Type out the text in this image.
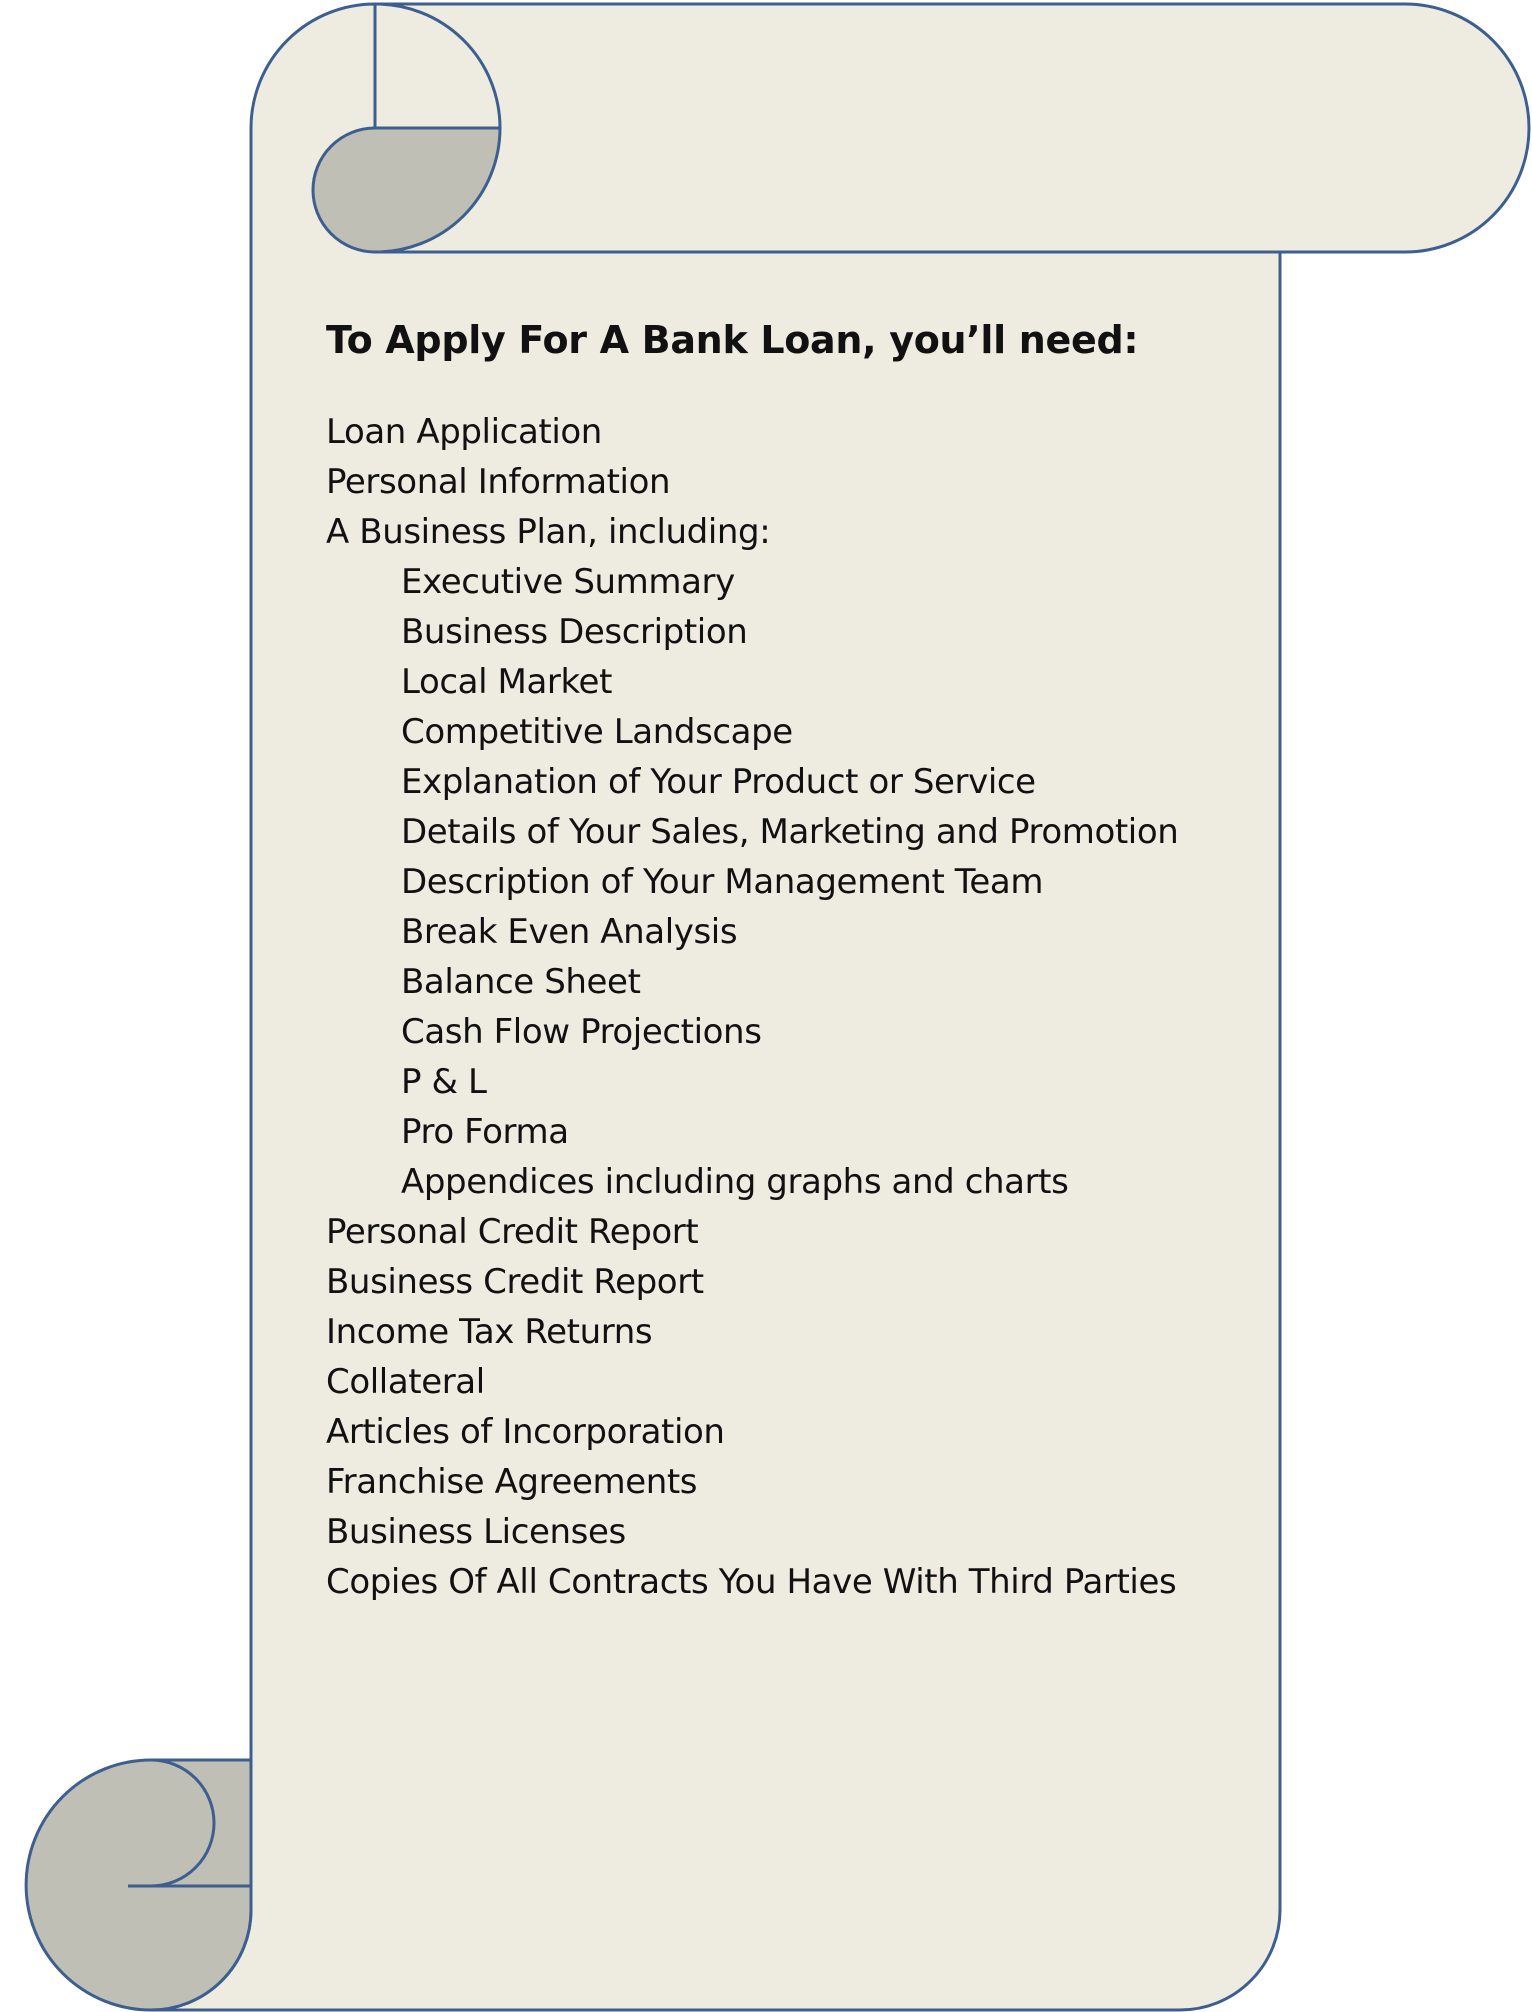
To Apply For A Bank Loan, you’ll need:
Loan Application
Personal Information
A Business Plan, including:
Executive Summary
Business Description
Local Market
Competitive Landscape
Explanation of Your Product or Service
Details of Your Sales, Marketing and Promotion
Description of Your Management Team
Break Even Analysis
Balance Sheet
Cash Flow Projections
P & L
Pro Forma
Appendices including graphs and charts
Personal Credit Report
Business Credit Report
Income Tax Returns
Collateral
Articles of Incorporation
Franchise Agreements
Business Licenses
Copies Of All Contracts You Have With Third Parties
